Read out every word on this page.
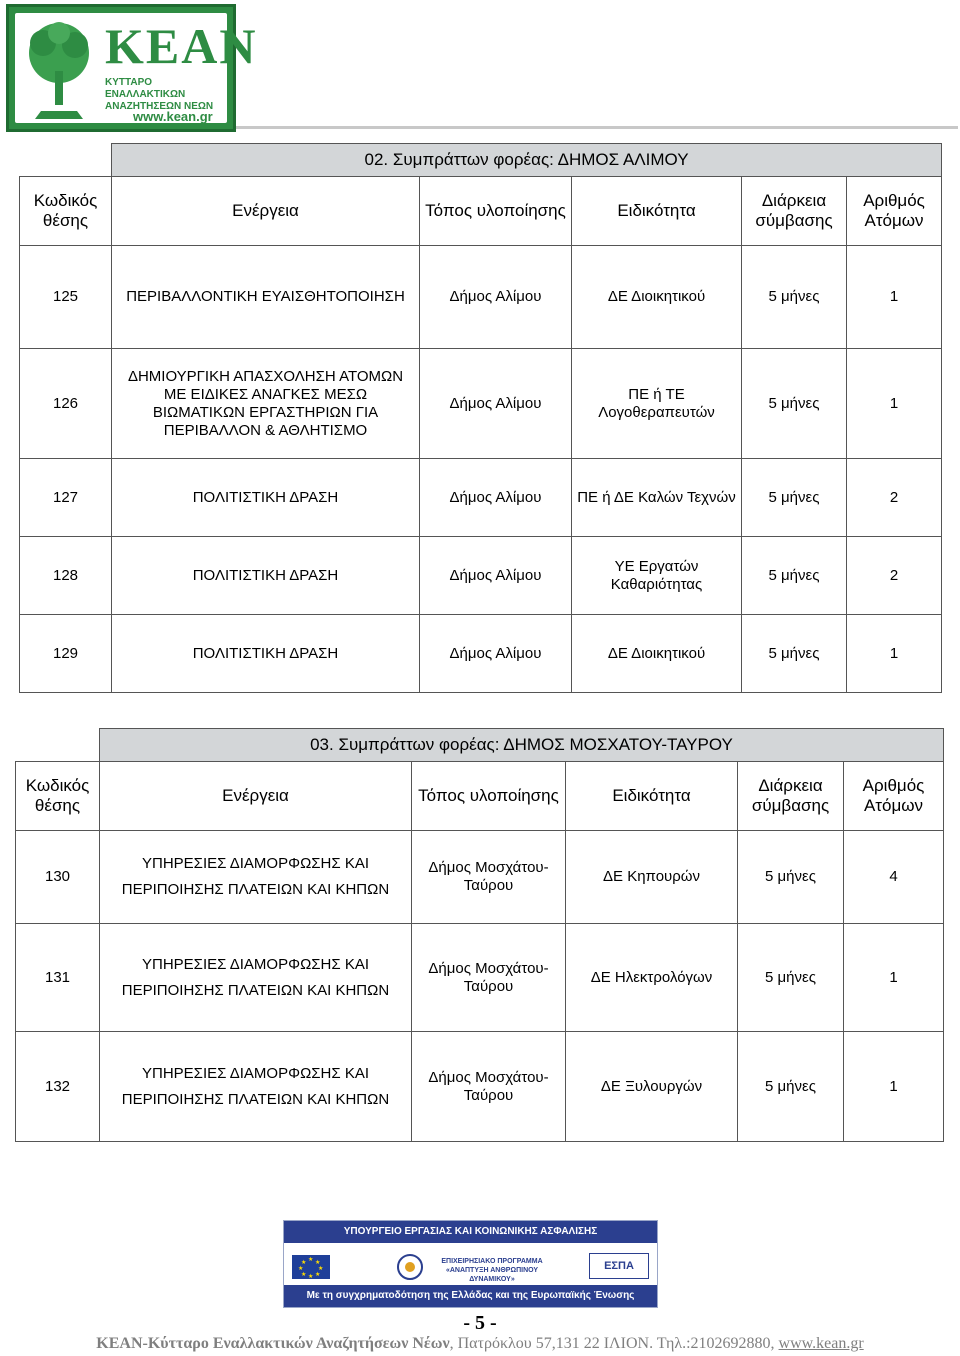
KEAN
ΚΥΤΤΑΡΟ ΕΝΑΛΛΑΚΤΙΚΩΝ ΑΝΑΖΗΤΗΣΕΩΝ ΝΕΩΝ
www.kean.gr
	02. Συμπράττων φορέας: ΔΗΜΟΣ ΑΛΙΜΟΥ				
Κωδικός θέσης	Ενέργεια	Τόπος υλοποίησης	Ειδικότητα	Διάρκεια σύμβασης	Αριθμός Ατόμων
125	ΠΕΡΙΒΑΛΛΟΝΤΙΚΗ ΕΥΑΙΣΘΗΤΟΠΟΙΗΣΗ	Δήμος Αλίμου	ΔΕ Διοικητικού	5 μήνες	1
126	ΔΗΜΙΟΥΡΓΙΚΗ ΑΠΑΣΧΟΛΗΣΗ ΑΤΟΜΩΝ ΜΕ ΕΙΔΙΚΕΣ ΑΝΑΓΚΕΣ ΜΕΣΩ ΒΙΩΜΑΤΙΚΩΝ ΕΡΓΑΣΤΗΡΙΩΝ ΓΙΑ ΠΕΡΙΒΑΛΛΟΝ & ΑΘΛΗΤΙΣΜΟ	Δήμος Αλίμου	ΠΕ ή ΤΕ Λογοθεραπευτών	5 μήνες	1
127	ΠΟΛΙΤΙΣΤΙΚΗ ΔΡΑΣΗ	Δήμος Αλίμου	ΠΕ ή ΔΕ Καλών Τεχνών	5 μήνες	2
128	ΠΟΛΙΤΙΣΤΙΚΗ ΔΡΑΣΗ	Δήμος Αλίμου	ΥΕ Εργατών Καθαριότητας	5 μήνες	2
129	ΠΟΛΙΤΙΣΤΙΚΗ ΔΡΑΣΗ	Δήμος Αλίμου	ΔΕ Διοικητικού	5 μήνες	1
	03. Συμπράττων φορέας: ΔΗΜΟΣ ΜΟΣΧΑΤΟΥ-ΤΑΥΡΟΥ				
Κωδικός θέσης	Ενέργεια	Τόπος υλοποίησης	Ειδικότητα	Διάρκεια σύμβασης	Αριθμός Ατόμων
130	ΥΠΗΡΕΣΙΕΣ ΔΙΑΜΟΡΦΩΣΗΣ ΚΑΙ ΠΕΡΙΠΟΙΗΣΗΣ ΠΛΑΤΕΙΩΝ ΚΑΙ ΚΗΠΩΝ	Δήμος Μοσχάτου-Ταύρου	ΔΕ Κηπουρών	5 μήνες	4
131	ΥΠΗΡΕΣΙΕΣ ΔΙΑΜΟΡΦΩΣΗΣ ΚΑΙ ΠΕΡΙΠΟΙΗΣΗΣ ΠΛΑΤΕΙΩΝ ΚΑΙ ΚΗΠΩΝ	Δήμος Μοσχάτου-Ταύρου	ΔΕ Ηλεκτρολόγων	5 μήνες	1
132	ΥΠΗΡΕΣΙΕΣ ΔΙΑΜΟΡΦΩΣΗΣ ΚΑΙ ΠΕΡΙΠΟΙΗΣΗΣ ΠΛΑΤΕΙΩΝ ΚΑΙ ΚΗΠΩΝ	Δήμος Μοσχάτου-Ταύρου	ΔΕ Ξυλουργών	5 μήνες	1
ΥΠΟΥΡΓΕΙΟ ΕΡΓΑΣΙΑΣ ΚΑΙ ΚΟΙΝΩΝΙΚΗΣ ΑΣΦΑΛΙΣΗΣ
★ ★
★
★
★
★
★
★	ΕΠΙΧΕΙΡΗΣΙΑΚΟ ΠΡΟΓΡΑΜΜΑ «ΑΝΑΠΤΥΞΗ ΑΝΘΡΩΠΙΝΟΥ ΔΥΝΑΜΙΚΟΥ»
ΕΣΠΑ
Με τη συγχρηματοδότηση της Ελλάδας και της Ευρωπαϊκής Ένωσης
- 5 -
ΚΕΑΝ-Κύτταρο Εναλλακτικών Αναζητήσεων Νέων, Πατρόκλου 57,131 22 ΙΛΙΟΝ. Τηλ.:2102692880, www.kean.gr
